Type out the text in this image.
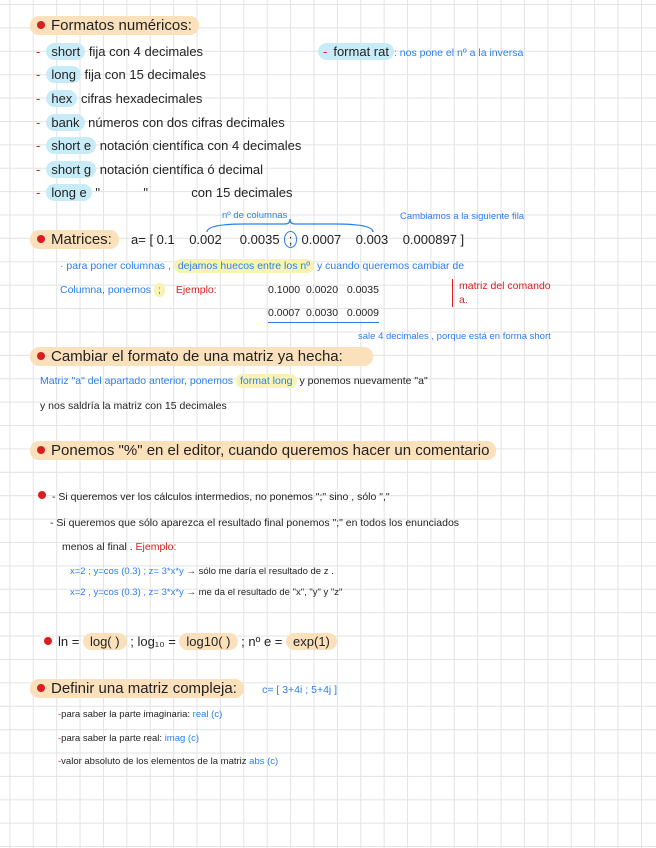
Formatos numéricos:
- short fija con 4 decimales
- long fija con 15 decimales
- hex cifras hexadecimales
- bank números con dos cifras decimales
- short e notación científica con 4 decimales
- short g notación científica ó decimal
- long e "            "            con 15 decimales
- format rat : nos pone el nº a la inversa
nº de columnas	Cambiamos a la siguiente fila
Matrices: a= [ 0.1    0.002     0.0035 ; 0.0007    0.003    0.000897 ]
· para poner columnas , dejamos huecos entre los nº y cuando queremos cambiar de
Columna, ponemos ; Ejemplo:	0.1000  0.0020   0.0035
0.0007  0.0030   0.0009
matriz del comando a.
sale 4 decimales , porque está en forma short
Cambiar el formato de una matriz ya hecha:
Matriz "a" del apartado anterior, ponemos format long y ponemos nuevamente "a"
y nos saldría la matriz con 15 decimales
Ponemos "%" en el editor, cuando queremos hacer un comentario
- Si queremos ver los cálculos intermedios, no ponemos ";" sino , sólo ","
- Si queremos que sólo aparezca el resultado final ponemos ";" en todos los enunciados
menos al final . Ejemplo:
x=2 ; y=cos (0.3) ; z= 3*x*y → sólo me daría el resultado de z .
x=2 , y=cos (0.3) , z= 3*x*y → me da el resultado de "x", "y" y "z"
ln = log( ) ; log₁₀ = log10( ) ; nº e = exp(1)
Definir una matriz compleja: c= [ 3+4i ; 5+4j ]
-para saber la parte imaginaria: real (c)
-para saber la parte real: imag (c)
-valor absoluto de los elementos de la matriz abs (c)
